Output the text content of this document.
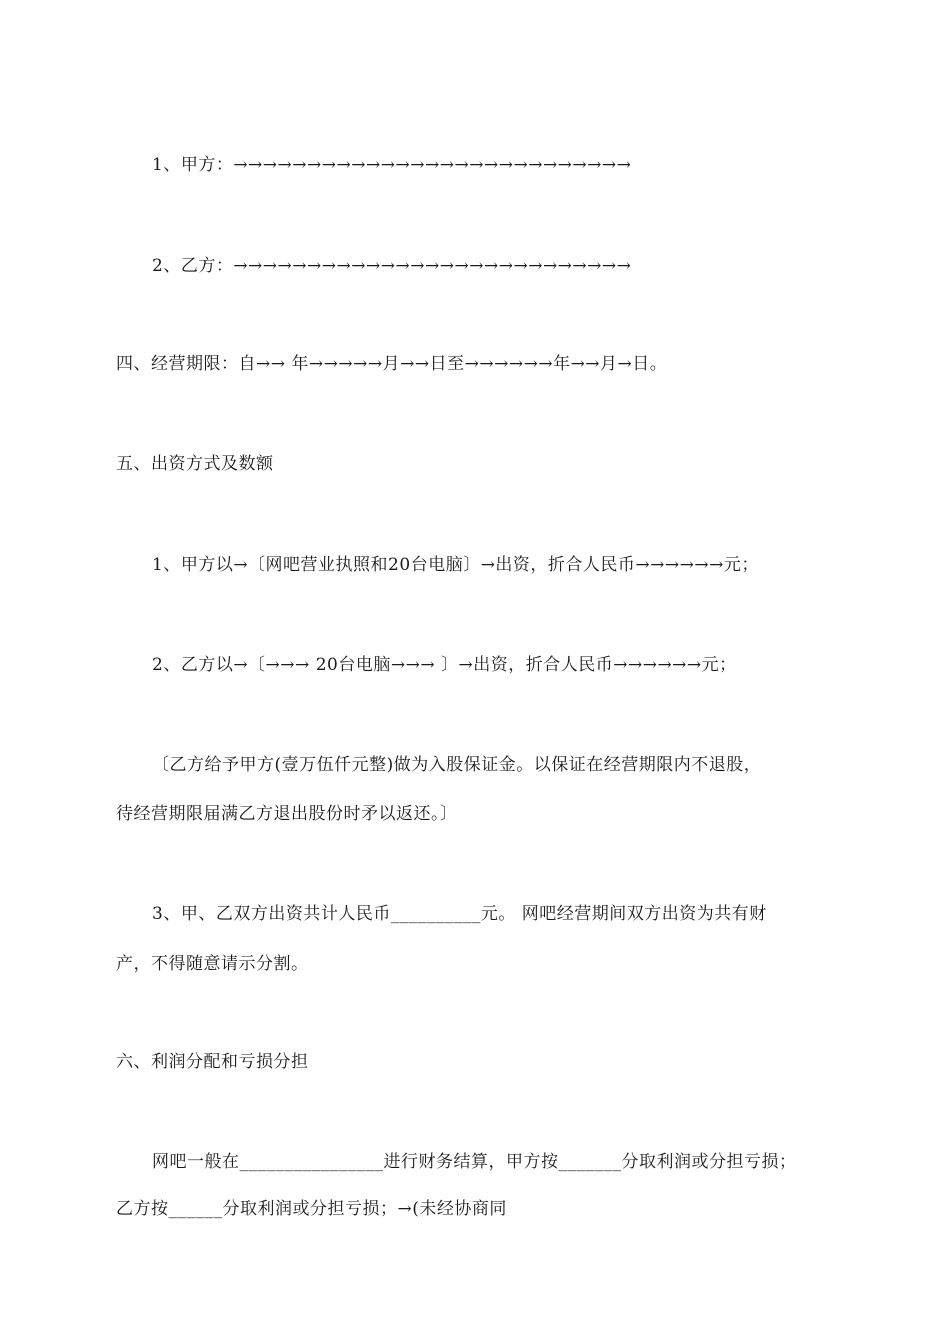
1、甲方：→→→→→→→→→→→→→→→→→→→→→→→→→→→
2、乙方：→→→→→→→→→→→→→→→→→→→→→→→→→→→
四、经营期限：自→→ 年→→→→→月→→日至→→→→→→年→→月→日。
五、出资方式及数额
1、甲方以→〔网吧营业执照和20台电脑〕→出资，折合人民币→→→→→→元；
2、乙方以→〔→→→ 20台电脑→→→ 〕→出资，折合人民币→→→→→→元；
〔乙方给予甲方(壹万伍仟元整)做为入股保证金。以保证在经营期限内不退股，
待经营期限届满乙方退出股份时矛以返还。〕
3、甲、乙双方出资共计人民币__________元。 网吧经营期间双方出资为共有财
产，不得随意请示分割。
六、利润分配和亏损分担
网吧一般在________________进行财务结算，甲方按_______分取利润或分担亏损；
乙方按______分取利润或分担亏损；→(未经协商同
